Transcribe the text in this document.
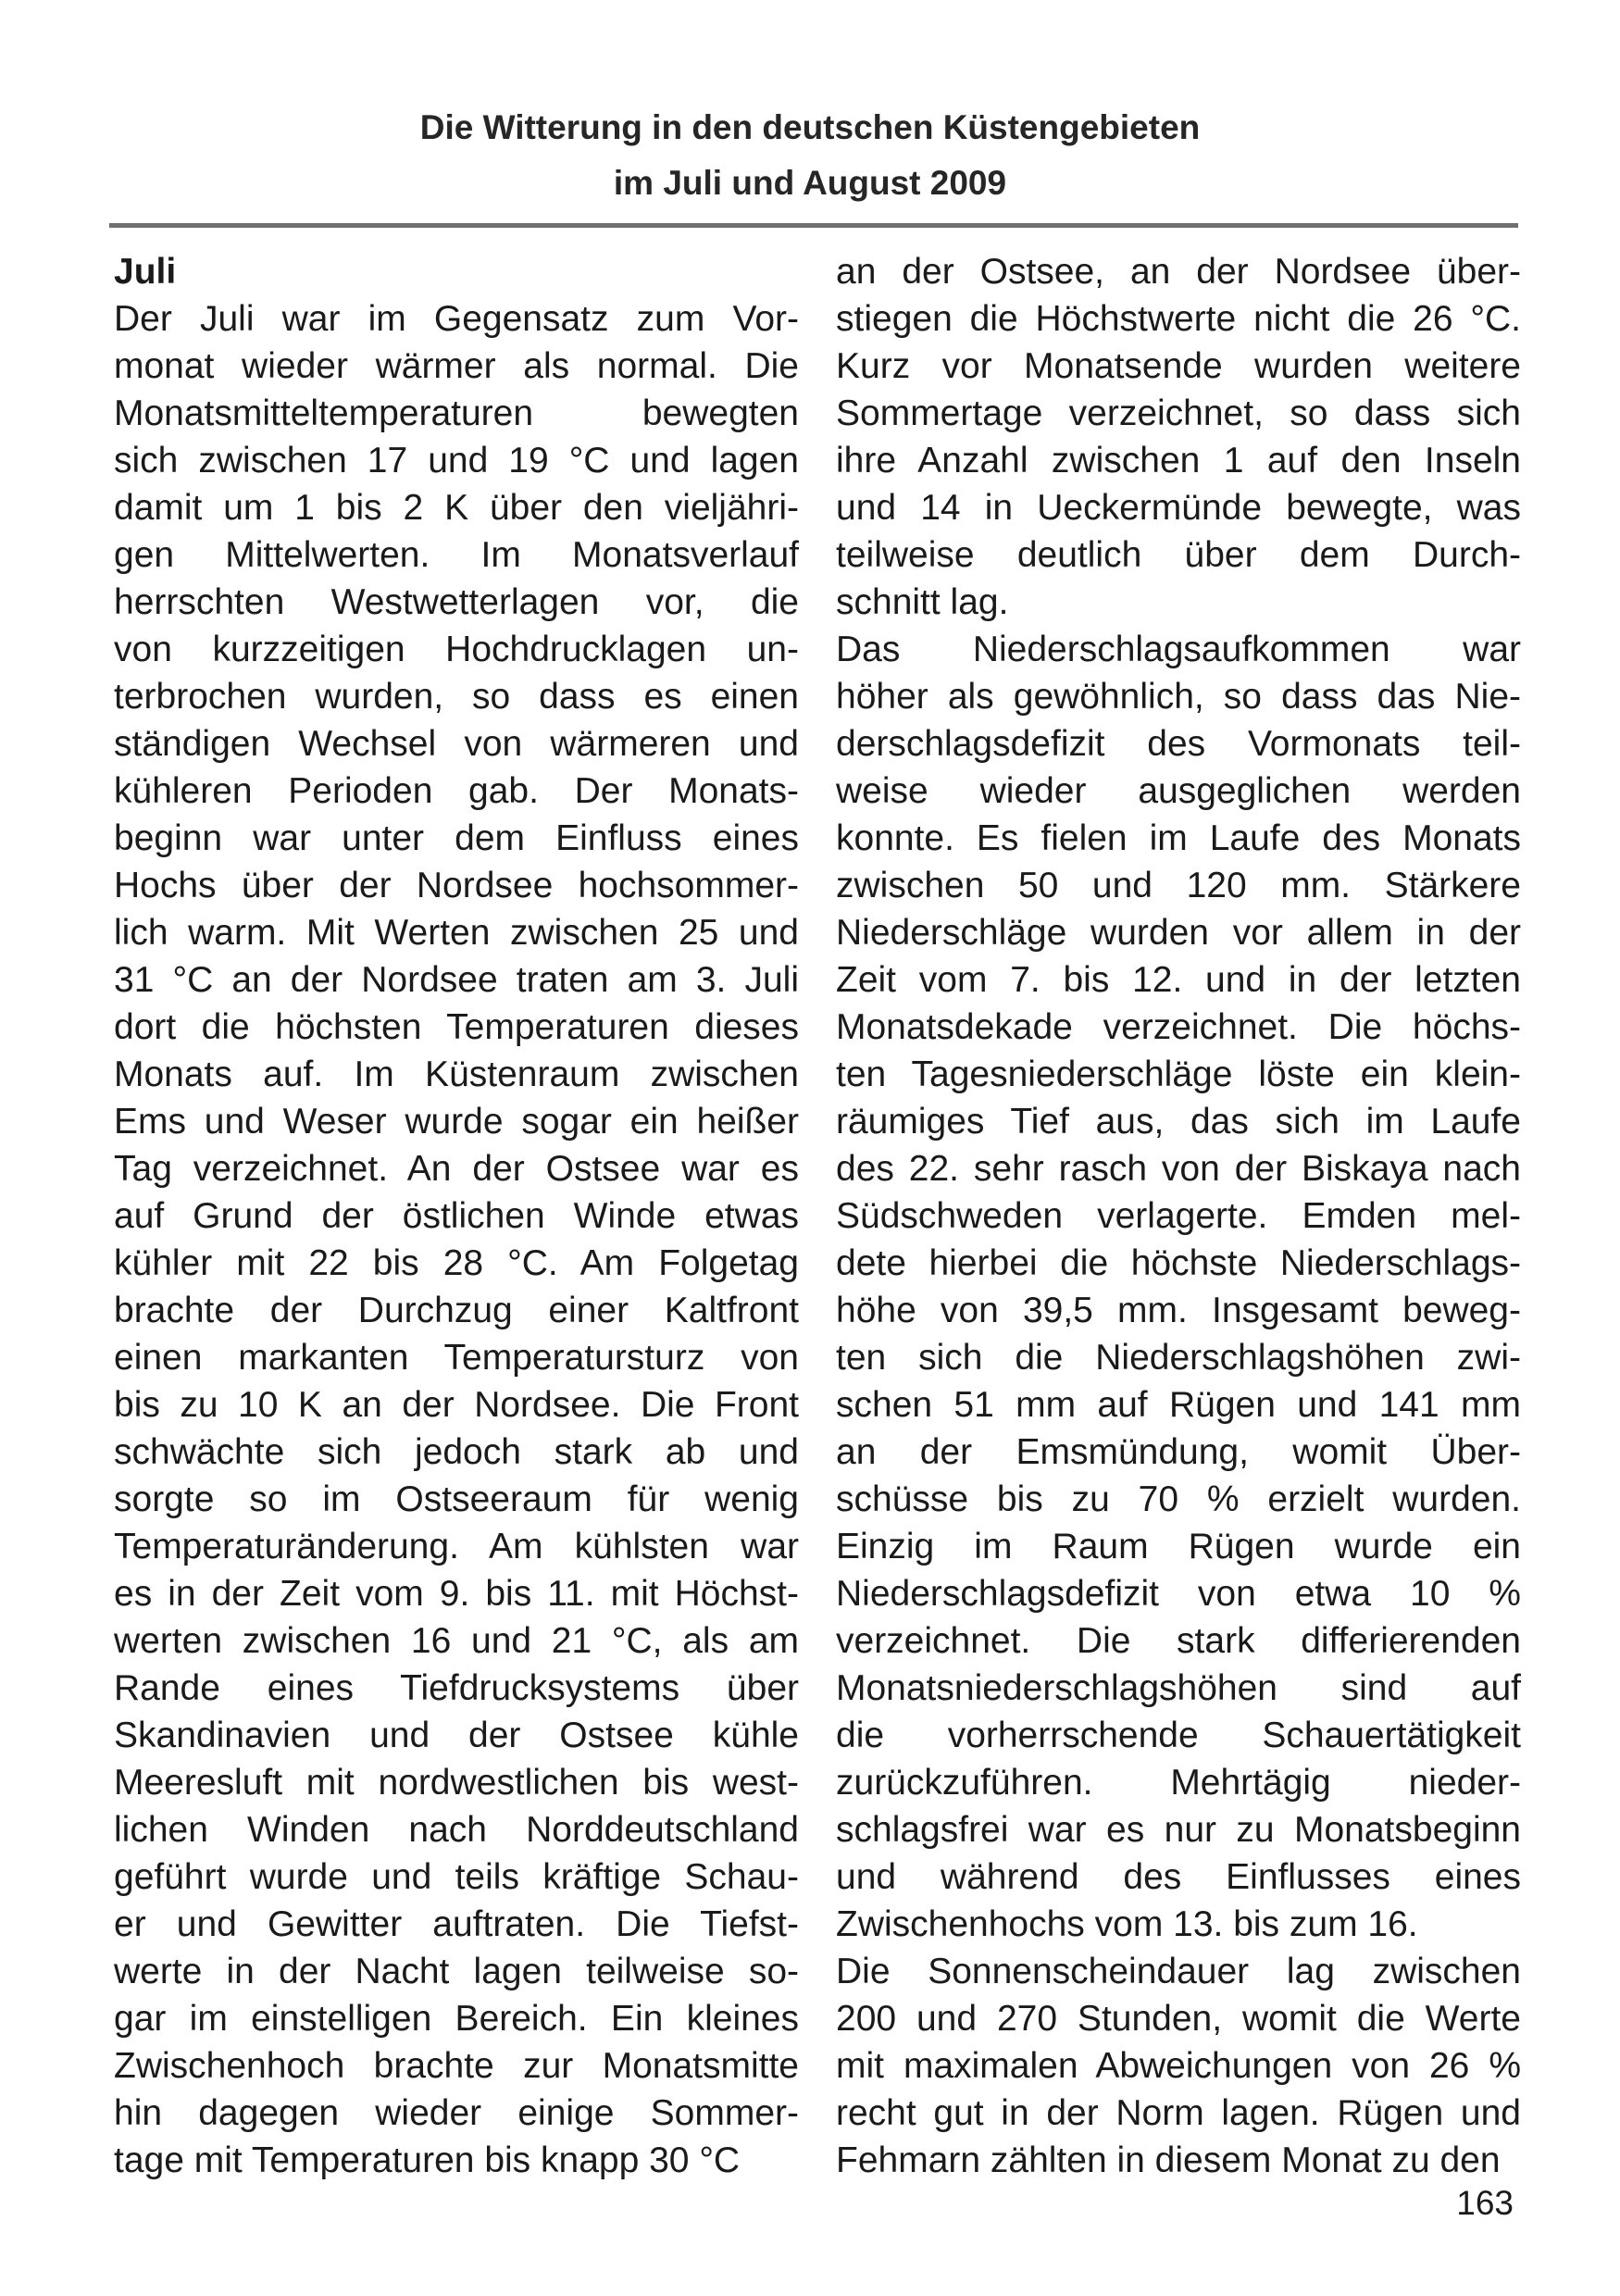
Die Witterung in den deutschen Küstengebieten
im Juli und August 2009
Juli
Der Juli war im Gegensatz zum Vor-
monat wieder wärmer als normal. Die
Monatsmitteltemperaturen bewegten
sich zwischen 17 und 19 °C und lagen
damit um 1 bis 2 K über den vieljähri-
gen Mittelwerten. Im Monatsverlauf
herrschten Westwetterlagen vor, die
von kurzzeitigen Hochdrucklagen un-
terbrochen wurden, so dass es einen
ständigen Wechsel von wärmeren und
kühleren Perioden gab. Der Monats-
beginn war unter dem Einfluss eines
Hochs über der Nordsee hochsommer-
lich warm. Mit Werten zwischen 25 und
31 °C an der Nordsee traten am 3. Juli
dort die höchsten Temperaturen dieses
Monats auf. Im Küstenraum zwischen
Ems und Weser wurde sogar ein heißer
Tag verzeichnet. An der Ostsee war es
auf Grund der östlichen Winde etwas
kühler mit 22 bis 28 °C. Am Folgetag
brachte der Durchzug einer Kaltfront
einen markanten Temperatursturz von
bis zu 10 K an der Nordsee. Die Front
schwächte sich jedoch stark ab und
sorgte so im Ostseeraum für wenig
Temperaturänderung. Am kühlsten war
es in der Zeit vom 9. bis 11. mit Höchst-
werten zwischen 16 und 21 °C, als am
Rande eines Tiefdrucksystems über
Skandinavien und der Ostsee kühle
Meeresluft mit nordwestlichen bis west-
lichen Winden nach Norddeutschland
geführt wurde und teils kräftige Schau-
er und Gewitter auftraten. Die Tiefst-
werte in der Nacht lagen teilweise so-
gar im einstelligen Bereich. Ein kleines
Zwischenhoch brachte zur Monatsmitte
hin dagegen wieder einige Sommer-
tage mit Temperaturen bis knapp 30 °C
an der Ostsee, an der Nordsee über-
stiegen die Höchstwerte nicht die 26 °C.
Kurz vor Monatsende wurden weitere
Sommertage verzeichnet, so dass sich
ihre Anzahl zwischen 1 auf den Inseln
und 14 in Ueckermünde bewegte, was
teilweise deutlich über dem Durch-
schnitt lag.
Das Niederschlagsaufkommen war
höher als gewöhnlich, so dass das Nie-
derschlagsdefizit des Vormonats teil-
weise wieder ausgeglichen werden
konnte. Es fielen im Laufe des Monats
zwischen 50 und 120 mm. Stärkere
Niederschläge wurden vor allem in der
Zeit vom 7. bis 12. und in der letzten
Monatsdekade verzeichnet. Die höchs-
ten Tagesniederschläge löste ein klein-
räumiges Tief aus, das sich im Laufe
des 22. sehr rasch von der Biskaya nach
Südschweden verlagerte. Emden mel-
dete hierbei die höchste Niederschlags-
höhe von 39,5 mm. Insgesamt beweg-
ten sich die Niederschlagshöhen zwi-
schen 51 mm auf Rügen und 141 mm
an der Emsmündung, womit Über-
schüsse bis zu 70 % erzielt wurden.
Einzig im Raum Rügen wurde ein
Niederschlagsdefizit von etwa 10 %
verzeichnet. Die stark differierenden
Monatsniederschlagshöhen sind auf
die vorherrschende Schauertätigkeit
zurückzuführen. Mehrtägig nieder-
schlagsfrei war es nur zu Monatsbeginn
und während des Einflusses eines
Zwischenhochs vom 13. bis zum 16.
Die Sonnenscheindauer lag zwischen
200 und 270 Stunden, womit die Werte
mit maximalen Abweichungen von 26 %
recht gut in der Norm lagen. Rügen und
Fehmarn zählten in diesem Monat zu den
163
